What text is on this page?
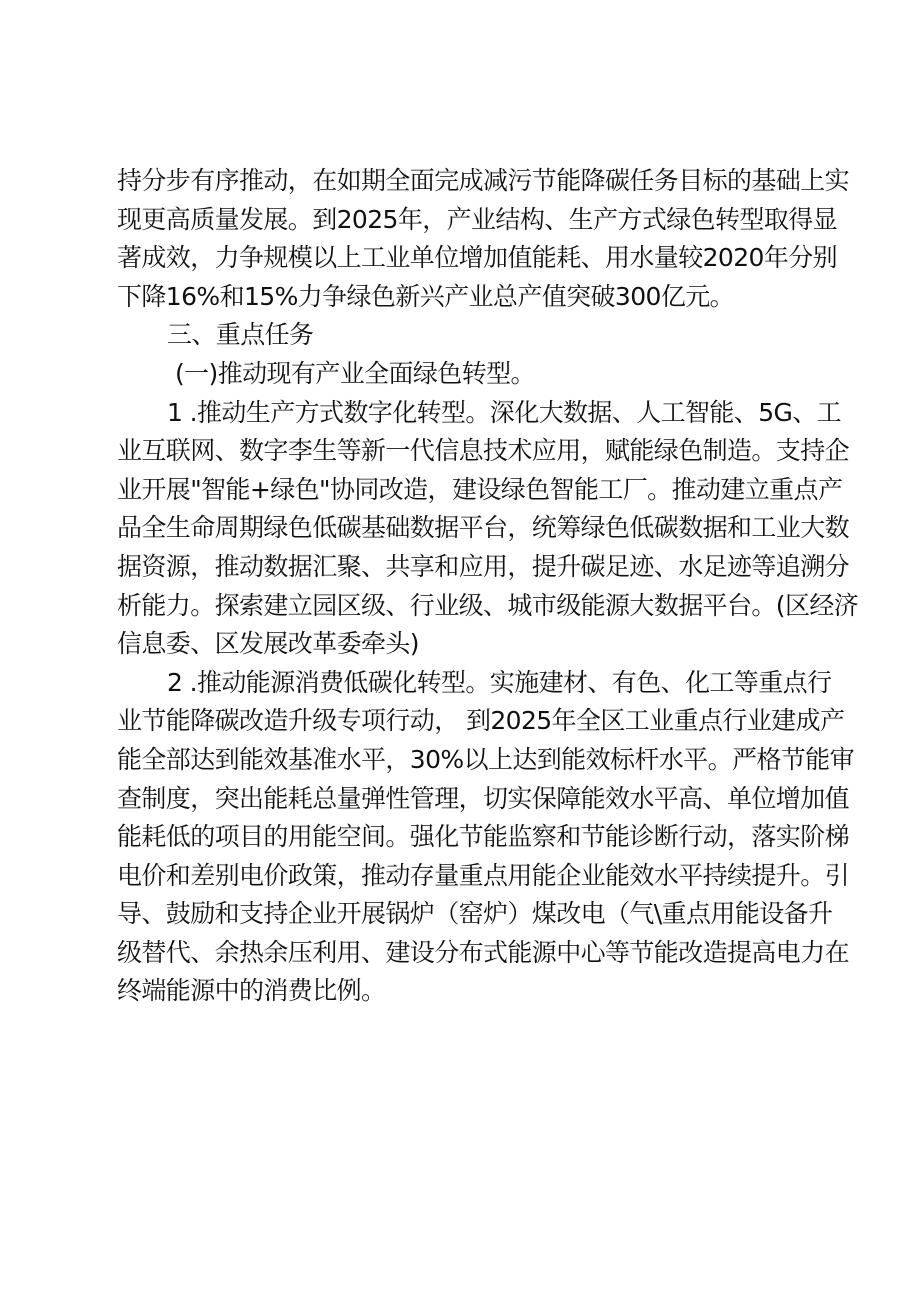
持分步有序推动，在如期全面完成减污节能降碳任务目标的基础上实
现更高质量发展。到2025年，产业结构、生产方式绿色转型取得显
著成效，力争规模以上工业单位增加值能耗、用水量较2020年分别
下降16%和15%力争绿色新兴产业总产值突破300亿元。
三、重点任务
(一)推动现有产业全面绿色转型。
1 .推动生产方式数字化转型。深化大数据、人工智能、5G、工
业互联网、数字李生等新一代信息技术应用，赋能绿色制造。支持企
业开展"智能+绿色"协同改造，建设绿色智能工厂。推动建立重点产
品全生命周期绿色低碳基础数据平台，统筹绿色低碳数据和工业大数
据资源，推动数据汇聚、共享和应用，提升碳足迹、水足迹等追溯分
析能力。探索建立园区级、行业级、城市级能源大数据平台。(区经济
信息委、区发展改革委牵头)
2 .推动能源消费低碳化转型。实施建材、有色、化工等重点行
业节能降碳改造升级专项行动， 到2025年全区工业重点行业建成产
能全部达到能效基准水平，30%以上达到能效标杆水平。严格节能审
查制度，突出能耗总量弹性管理，切实保障能效水平高、单位增加值
能耗低的项目的用能空间。强化节能监察和节能诊断行动，落实阶梯
电价和差别电价政策，推动存量重点用能企业能效水平持续提升。引
导、鼓励和支持企业开展锅炉（窑炉）煤改电（气\重点用能设备升
级替代、余热余压利用、建设分布式能源中心等节能改造提高电力在
终端能源中的消费比例。
